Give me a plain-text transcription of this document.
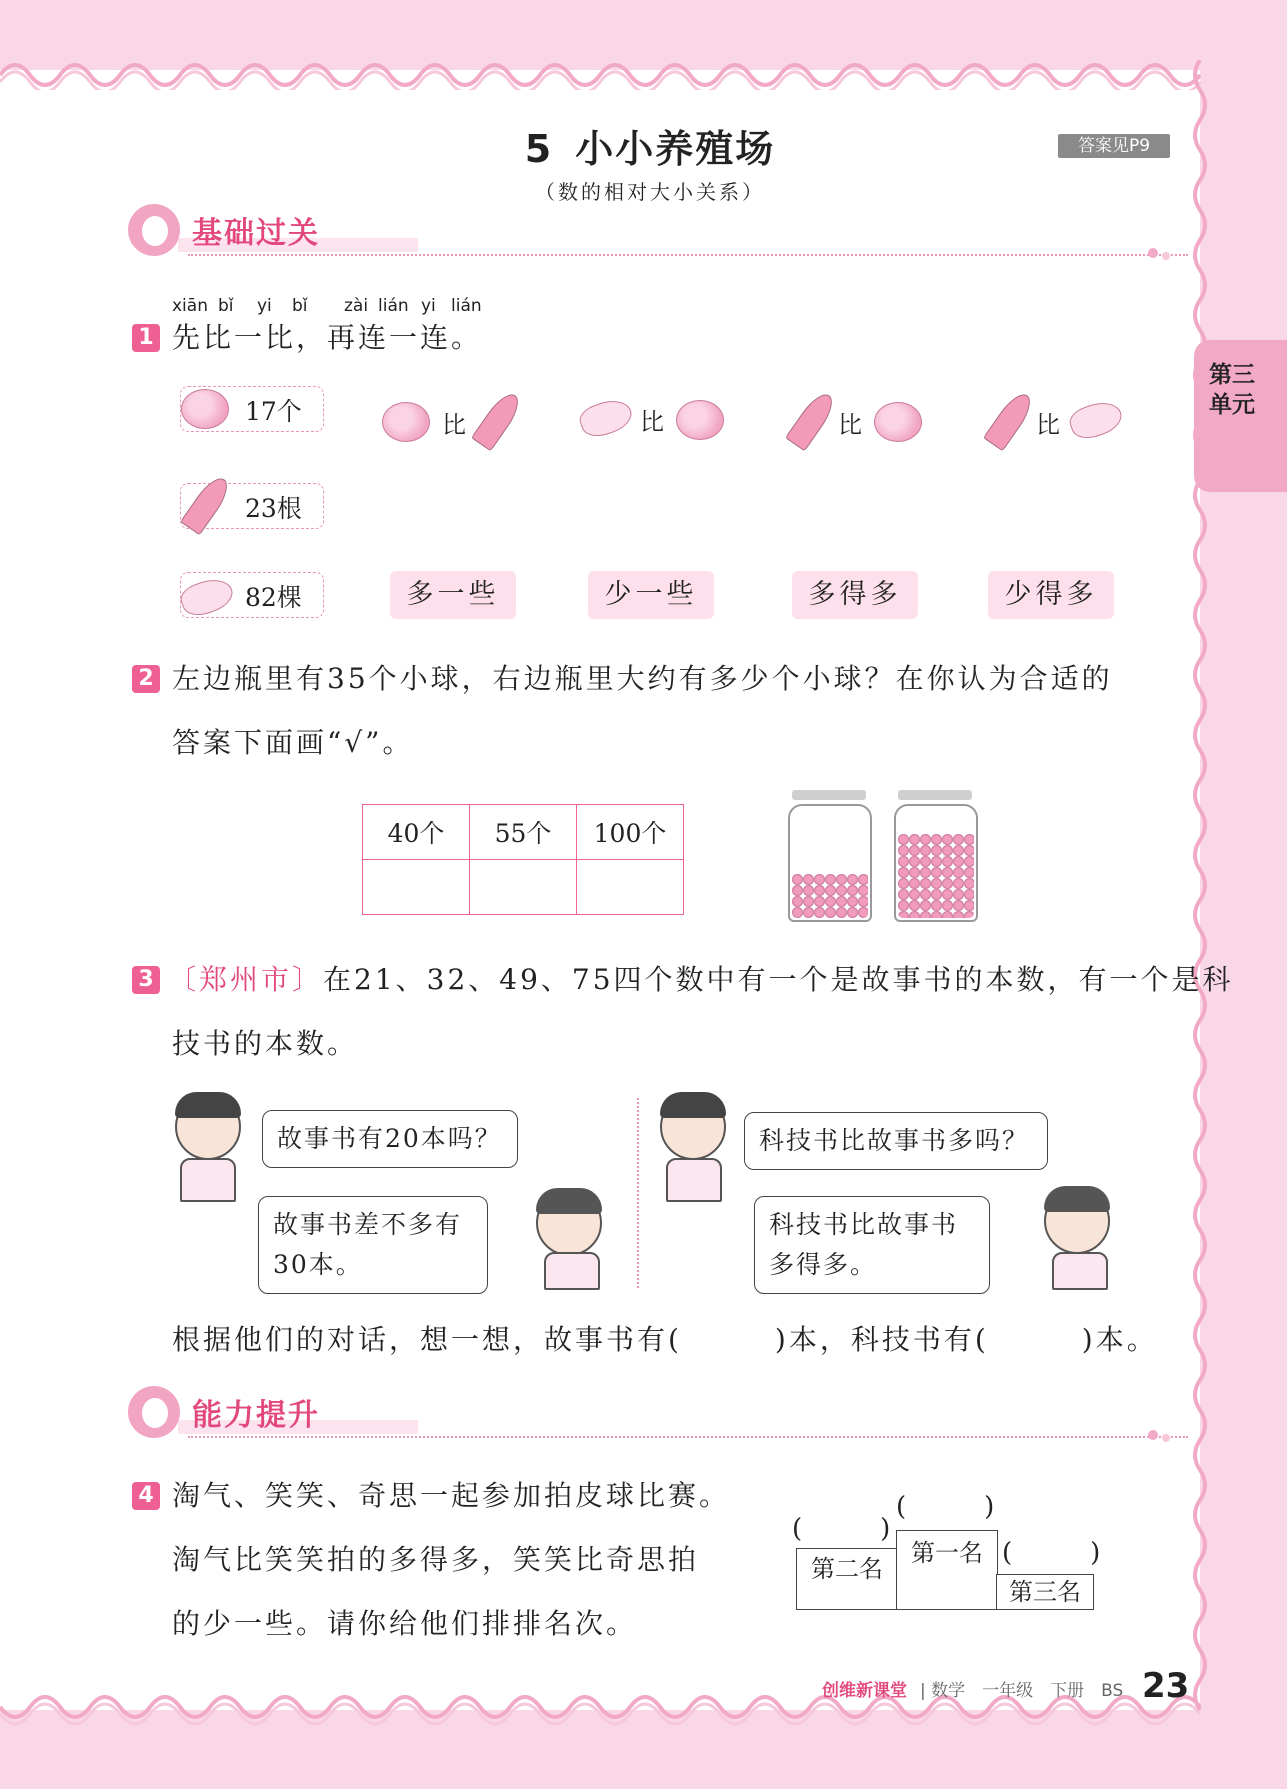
5 小小养殖场
（数的相对大小关系）
答案见P9
第三单元
基础过关
xiān bǐ yi bǐ zài lián yi lián
1 先比一比，再连一连。
17个
23根
82棵
比	比	比	比
多一些	少一些	多得多	少得多
2 左边瓶里有35个小球，右边瓶里大约有多少个小球？在你认为合适的
答案下面画“√”。
40个	55个	100个

3 〔郑州市〕在21、32、49、75四个数中有一个是故事书的本数，有一个是科
技书的本数。
故事书有20本吗？
故事书差不多有
30本。
科技书比故事书多吗？
科技书比故事书
多得多。
根据他们的对话，想一想，故事书有(　　　)本，科技书有(　　　)本。
能力提升
4 淘气、笑笑、奇思一起参加拍皮球比赛。
淘气比笑笑拍的多得多，笑笑比奇思拍
的少一些。请你给他们排排名次。
(　　　)
(　　　)
(　　　)
第二名
第一名
第三名
创维新课堂 | 数学　一年级　下册　BS 23
